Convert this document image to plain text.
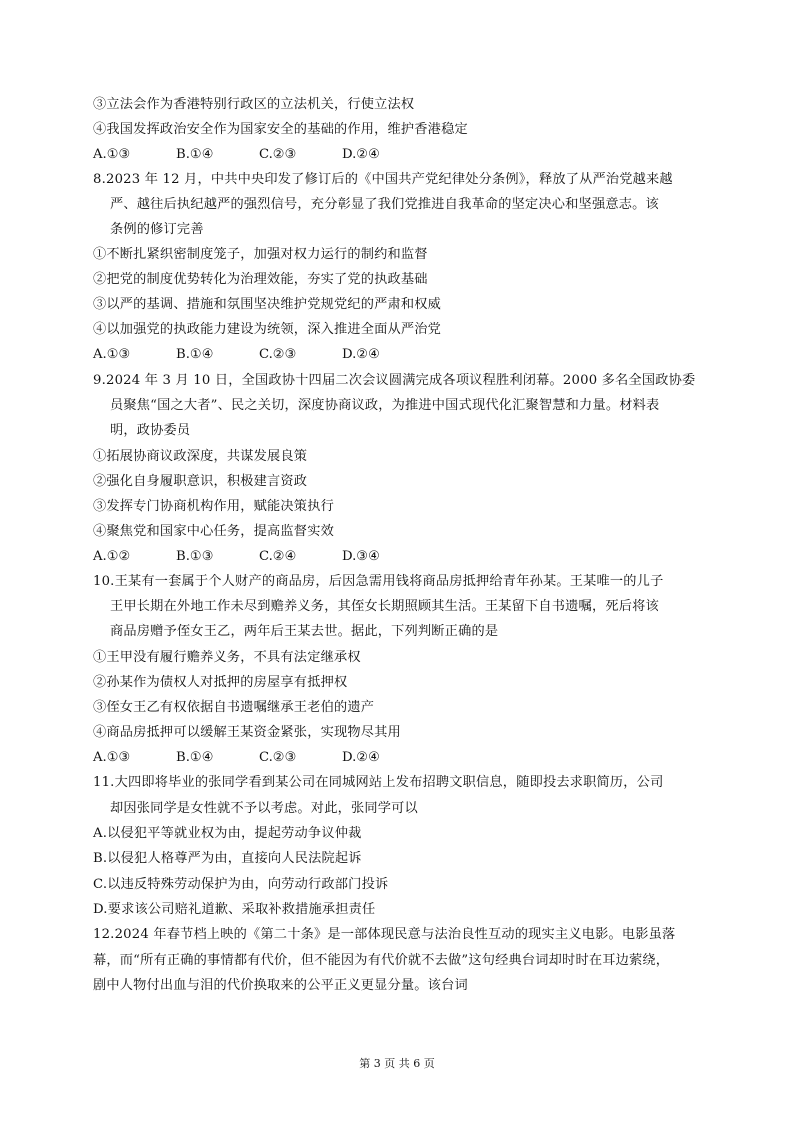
③立法会作为香港特别行政区的立法机关，行使立法权
④我国发挥政治安全作为国家安全的基础的作用，维护香港稳定
A.①③	B.①④	C.②③	D.②④
8.2023 年 12 月，中共中央印发了修订后的《中国共产党纪律处分条例》，释放了从严治党越来越
严、越往后执纪越严的强烈信号，充分彰显了我们党推进自我革命的坚定决心和坚强意志。该
条例的修订完善
①不断扎紧织密制度笼子，加强对权力运行的制约和监督
②把党的制度优势转化为治理效能，夯实了党的执政基础
③以严的基调、措施和氛围坚决维护党规党纪的严肃和权威
④以加强党的执政能力建设为统领，深入推进全面从严治党
A.①③	B.①④	C.②③	D.②④
9.2024 年 3 月 10 日，全国政协十四届二次会议圆满完成各项议程胜利闭幕。2000 多名全国政协委
员聚焦“国之大者”、民之关切，深度协商议政，为推进中国式现代化汇聚智慧和力量。材料表
明，政协委员
①拓展协商议政深度，共谋发展良策
②强化自身履职意识，积极建言资政
③发挥专门协商机构作用，赋能决策执行
④聚焦党和国家中心任务，提高监督实效
A.①②	B.①③	C.②④	D.③④
10.王某有一套属于个人财产的商品房，后因急需用钱将商品房抵押给青年孙某。王某唯一的儿子
王甲长期在外地工作未尽到赡养义务，其侄女长期照顾其生活。王某留下自书遗嘱，死后将该
商品房赠予侄女王乙，两年后王某去世。据此，下列判断正确的是
①王甲没有履行赡养义务，不具有法定继承权
②孙某作为债权人对抵押的房屋享有抵押权
③侄女王乙有权依据自书遗嘱继承王老伯的遗产
④商品房抵押可以缓解王某资金紧张，实现物尽其用
A.①③	B.①④	C.②③	D.②④
11.大四即将毕业的张同学看到某公司在同城网站上发布招聘文职信息，随即投去求职简历，公司
却因张同学是女性就不予以考虑。对此，张同学可以
A.以侵犯平等就业权为由，提起劳动争议仲裁
B.以侵犯人格尊严为由，直接向人民法院起诉
C.以违反特殊劳动保护为由，向劳动行政部门投诉
D.要求该公司赔礼道歉、采取补救措施承担责任
12.2024 年春节档上映的《第二十条》是一部体现民意与法治良性互动的现实主义电影。电影虽落
幕，而“所有正确的事情都有代价，但不能因为有代价就不去做”这句经典台词却时时在耳边萦绕，
剧中人物付出血与泪的代价换取来的公平正义更显分量。该台词
第 3 页 共 6 页
